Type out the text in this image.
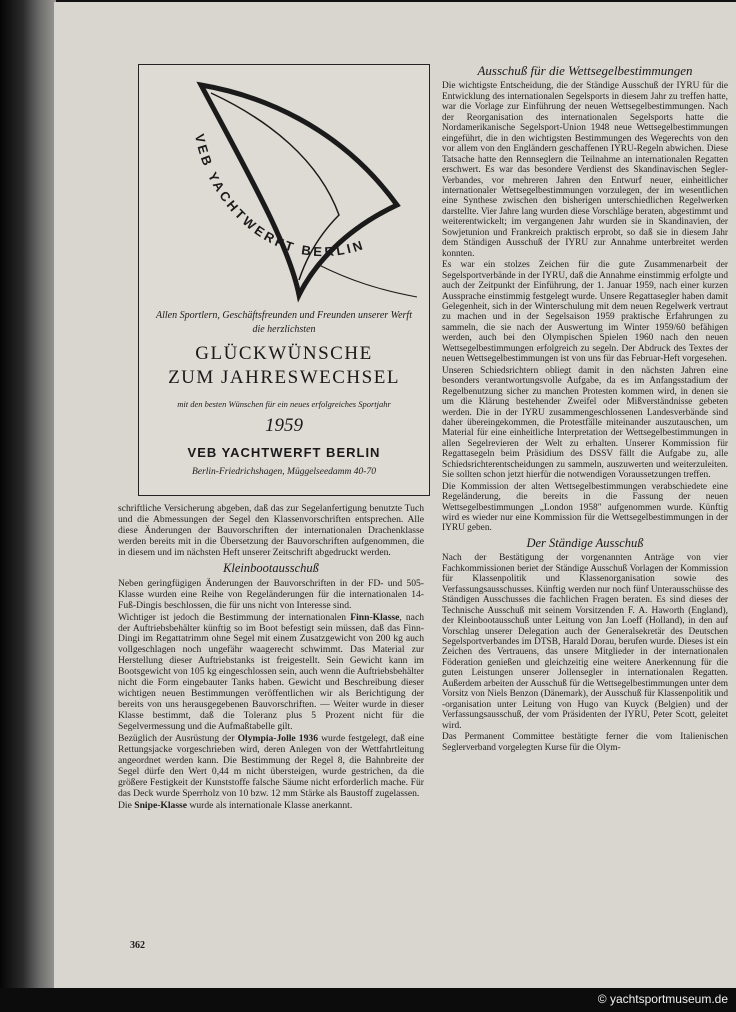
VEB YACHTWERFT BERLIN
Allen Sportlern, Geschäftsfreunden und Freunden unserer Werft die herzlichsten
GLÜCKWÜNSCHE
ZUM JAHRESWECHSEL
mit den besten Wünschen für ein neues erfolgreiches Sportjahr
1959
VEB YACHTWERFT BERLIN
Berlin-Friedrichshagen, Müggelseedamm 40-70

schriftliche Versicherung abgeben, daß das zur Segelanfertigung benutzte Tuch und die Abmessungen der Segel den Klassenvorschriften entsprechen. Alle diese Änderungen der Bauvorschriften der internationalen Drachenklasse werden bereits mit in die Übersetzung der Bauvorschriften aufgenommen, die in diesem und im nächsten Heft unserer Zeitschrift abgedruckt werden.

Kleinbootausschuß

Neben geringfügigen Änderungen der Bauvorschriften in der FD- und 505-Klasse wurden eine Reihe von Regeländerungen für die internationalen 14-Fuß-Dingis beschlossen, die für uns nicht von Interesse sind.

Wichtiger ist jedoch die Bestimmung der internationalen Finn-Klasse, nach der Auftriebsbehälter künftig so im Boot befestigt sein müssen, daß das Finn-Dingi im Regattatrimm ohne Segel mit einem Zusatzgewicht von 200 kg auch vollgeschlagen noch ungefähr waagerecht schwimmt. Das Material zur Herstellung dieser Auftriebstanks ist freigestellt. Sein Gewicht kann im Bootsgewicht von 105 kg eingeschlossen sein, auch wenn die Auftriebsbehälter nicht die Form eingebauter Tanks haben. Gewicht und Beschreibung dieser wichtigen neuen Bestimmungen veröffentlichen wir als Berichtigung der bereits von uns herausgegebenen Bauvorschriften. — Weiter wurde in dieser Klasse bestimmt, daß die Toleranz plus 5 Prozent nicht für die Segelvermessung und die Aufmaßtabelle gilt.

Bezüglich der Ausrüstung der Olympia-Jolle 1936 wurde festgelegt, daß eine Rettungsjacke vorgeschrieben wird, deren Anlegen von der Wettfahrtleitung angeordnet werden kann. Die Bestimmung der Regel 8, die Bahnbreite der Segel dürfe den Wert 0,44 m nicht übersteigen, wurde gestrichen, da die größere Festigkeit der Kunststoffe falsche Säume nicht erforderlich mache. Für das Deck wurde Sperrholz von 10 bzw. 12 mm Stärke als Baustoff zugelassen.

Die Snipe-Klasse wurde als internationale Klasse anerkannt.

Ausschuß für die Wettsegelbestimmungen

Die wichtigste Entscheidung, die der Ständige Ausschuß der IYRU für die Entwicklung des internationalen Segelsports in diesem Jahr zu treffen hatte, war die Vorlage zur Einführung der neuen Wettsegelbestimmungen. Nach der Reorganisation des internationalen Segelsports hatte die Nordamerikanische Segelsport-Union 1948 neue Wettsegelbestimmungen eingeführt, die in den wichtigsten Bestimmungen des Wegerechts von den vor allem von den Engländern geschaffenen IYRU-Regeln abwichen. Diese Tatsache hatte den Rennseglern die Teilnahme an internationalen Regatten erschwert. Es war das besondere Verdienst des Skandinavischen Segler-Verbandes, vor mehreren Jahren den Entwurf neuer, einheitlicher internationaler Wettsegelbestimmungen vorzulegen, der im wesentlichen eine Synthese zwischen den bisherigen unterschiedlichen Regelwerken darstellte. Vier Jahre lang wurden diese Vorschläge beraten, abgestimmt und weiterentwickelt; im vergangenen Jahr wurden sie in Skandinavien, der Sowjetunion und Frankreich praktisch erprobt, so daß sie in diesem Jahr dem Ständigen Ausschuß der IYRU zur Annahme unterbreitet werden konnten.

Es war ein stolzes Zeichen für die gute Zusammenarbeit der Segelsportverbände in der IYRU, daß die Annahme einstimmig erfolgte und auch der Zeitpunkt der Einführung, der 1. Januar 1959, nach einer kurzen Aussprache einstimmig festgelegt wurde. Unsere Regattasegler haben damit Gelegenheit, sich in der Winterschulung mit dem neuen Regelwerk vertraut zu machen und in der Segelsaison 1959 praktische Erfahrungen zu sammeln, die sie nach der Auswertung im Winter 1959/60 befähigen werden, auch bei den Olympischen Spielen 1960 nach den neuen Wettsegelbestimmungen erfolgreich zu segeln. Der Abdruck des Textes der neuen Wettsegelbestimmungen ist von uns für das Februar-Heft vorgesehen.

Unseren Schiedsrichtern obliegt damit in den nächsten Jahren eine besonders verantwortungsvolle Aufgabe, da es im Anfangsstadium der Regelbenutzung sicher zu manchen Protesten kommen wird, in denen sie um die Klärung bestehender Zweifel oder Mißverständnisse gebeten werden. Die in der IYRU zusammengeschlossenen Landesverbände sind daher übereingekommen, die Protestfälle miteinander auszutauschen, um Material für eine einheitliche Interpretation der Wettsegelbestimmungen in allen Segelrevieren der Welt zu erhalten. Unserer Kommission für Regattasegeln beim Präsidium des DSSV fällt die Aufgabe zu, alle Schiedsrichterentscheidungen zu sammeln, auszuwerten und weiterzuleiten. Sie sollten schon jetzt hierfür die notwendigen Voraussetzungen treffen.

Die Kommission der alten Wettsegelbestimmungen verabschiedete eine Regeländerung, die bereits in die Fassung der neuen Wettsegelbestimmungen „London 1958" aufgenommen wurde. Künftig wird es wieder nur eine Kommission für die Wettsegelbestimmungen in der IYRU geben.

Der Ständige Ausschuß

Nach der Bestätigung der vorgenannten Anträge von vier Fachkommissionen beriet der Ständige Ausschuß Vorlagen der Kommission für Klassenpolitik und Klassenorganisation sowie des Verfassungsausschusses. Künftig werden nur noch fünf Unterausschüsse des Ständigen Ausschusses die fachlichen Fragen beraten. Es sind dieses der Technische Ausschuß mit seinem Vorsitzenden F. A. Haworth (England), der Kleinbootausschuß unter Leitung von Jan Loeff (Holland), in den auf Vorschlag unserer Delegation auch der Generalsekretär des Deutschen Segelsportverbandes im DTSB, Harald Dorau, berufen wurde. Dieses ist ein Zeichen des Vertrauens, das unsere Mitglieder in der internationalen Föderation genießen und gleichzeitig eine weitere Anerkennung für die guten Leistungen unserer Jollensegler in internationalen Regatten. Außerdem arbeiten der Ausschuß für die Wettsegelbestimmungen unter dem Vorsitz von Niels Benzon (Dänemark), der Ausschuß für Klassenpolitik und -organisation unter Leitung von Hugo van Kuyck (Belgien) und der Verfassungsausschuß, der vom Präsidenten der IYRU, Peter Scott, geleitet wird.

Das Permanent Committee bestätigte ferner die vom Italienischen Seglerverband vorgelegten Kurse für die Olym-

362
© yachtsportmuseum.de
